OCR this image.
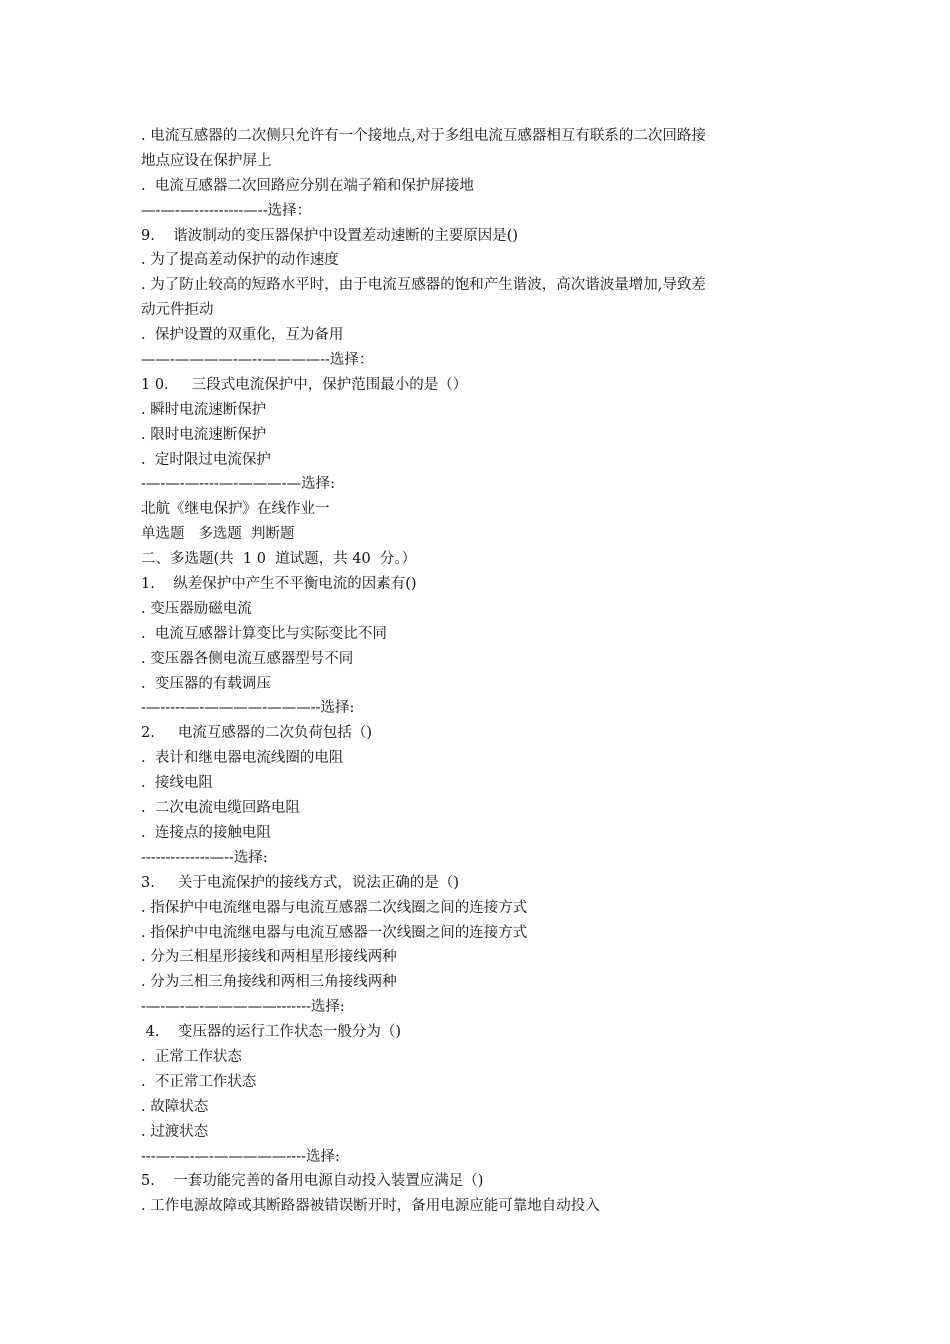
. 电流互感器的二次侧只允许有一个接地点,对于多组电流互感器相互有联系的二次回路接
地点应设在保护屏上
.  电流互感器二次回路应分别在端子箱和保护屏接地
—-—-—----------—--选择：
9.    谐波制动的变压器保护中设置差动速断的主要原因是()
. 为了提高差动保护的动作速度
. 为了防止较高的短路水平时，由于电流互感器的饱和产生谐波，高次谐波量增加,导致差
动元件拒动
.  保护设置的双重化，互为备用
——-————-—--————--选择：
1 0.     三段式电流保护中，保护范围最小的是（）
. 瞬时电流速断保护
. 限时电流速断保护
.  定时限过电流保护
-—-—-—----—-———-—选择:
北航《继电保护》在线作业一
单选题   多选题  判断题
二、多选题(共  1 0  道试题，共 40  分。）
1.    纵差保护中产生不平衡电流的因素有()
. 变压器励磁电流
.  电流互感器计算变比与实际变比不同
. 变压器各侧电流互感器型号不同
.  变压器的有载调压
-—-----—-————-———--选择:
2.     电流互感器的二次负荷包括（)
.  表计和继电器电流线圈的电阻
.  接线电阻
.  二次电流电缆回路电阻
.  连接点的接触电阻
--------------—--选择:
3.     关于电流保护的接线方式，说法正确的是（)
. 指保护中电流继电器与电流互感器二次线圈之间的连接方式
. 指保护中电流继电器与电流互感器一次线圈之间的连接方式
. 分为三相星形接线和两相星形接线两种
. 分为三相三角接线和两相三角接线两种
-—-—-—-—————-------选择:
4.    变压器的运行工作状态一般分为（)
.  正常工作状态
.  不正常工作状态
. 故障状态
. 过渡状态
---—-—-—-—————----选择:
5.    一套功能完善的备用电源自动投入装置应满足（)
. 工作电源故障或其断路器被错误断开时，备用电源应能可靠地自动投入
